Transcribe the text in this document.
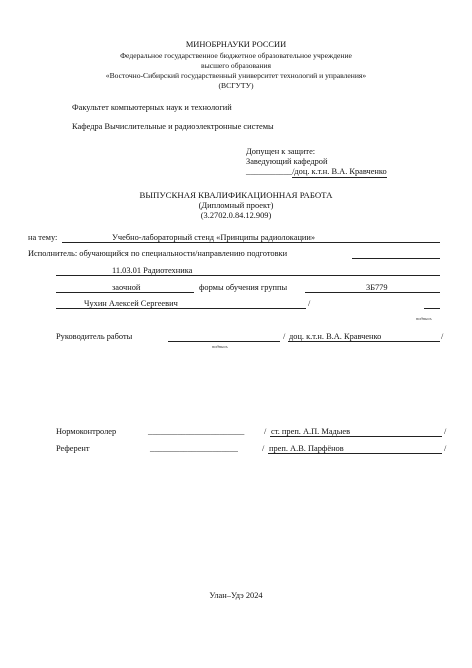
МИНОБРНАУКИ РОССИИ
Федеральное государственное бюджетное образовательное учреждение
высшего образования
«Восточно-Сибирский государственный университет технологий и управления»
(ВСГУТУ)
Факультет компьютерных наук и технологий
Кафедра Вычислительные и радиоэлектронные системы
Допущен к защите:
Заведующий кафедрой
___________/доц. к.т.н. В.А. Кравченко
ВЫПУСКНАЯ КВАЛИФИКАЦИОННАЯ РАБОТА
(Дипломный проект)
(3.2702.0.84.12.909)
на тему:	Учебно-лабораторный стенд «Принципы радиолокации»
Исполнитель: обучающийся по специальности/направлению подготовки
11.03.01 Радиотехника
заочной	формы обучения группы	3Б779
Чухин Алексей Сергеевич	/
подпись
Руководитель работы	/ доц. к.т.н. В.А. Кравченко	/
подпись
Нормоконтролер	_______________________ / ст. преп. А.П. Мадыев	/
Референт	_____________________	/ преп. А.В. Парфёнов	/
Улан–Удэ 2024
